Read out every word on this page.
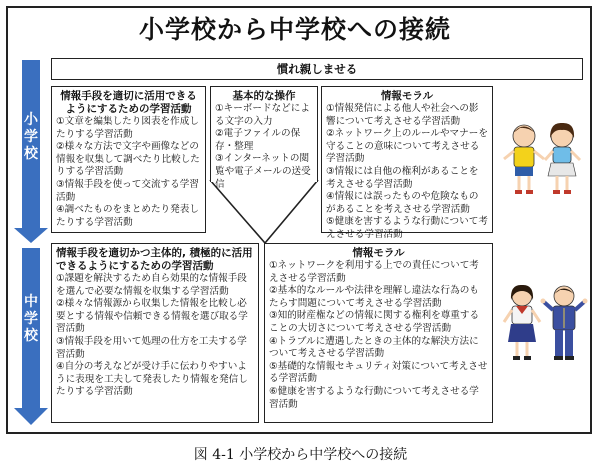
小学校から中学校への接続
小学校
中学校
慣れ親しませる
情報手段を適切に活用できるようにするための学習活動
①文章を編集したり図表を作成したりする学習活動
②様々な方法で文字や画像などの情報を収集して調べたり比較したりする学習活動
③情報手段を使って交流する学習活動
④調べたものをまとめたり発表したりする学習活動
基本的な操作
①キーボードなどによる文字の入力
②電子ファイルの保存・整理
③インターネットの閲覧や電子メールの送受信
情報モラル
①情報発信による他人や社会への影響について考えさせる学習活動
②ネットワーク上のルールやマナーを守ることの意味について考えさせる学習活動
③情報には自他の権利があることを考えさせる学習活動
④情報には誤ったものや危険なものがあることを考えさせる学習活動
⑤健康を害するような行動について考えさせる学習活動
情報手段を適切かつ主体的, 積極的に活用できるようにするための学習活動
①課題を解決するため自ら効果的な情報手段を選んで必要な情報を収集する学習活動
②様々な情報源から収集した情報を比較し必要とする情報や信頼できる情報を選び取る学習活動
③情報手段を用いて処理の仕方を工夫する学習活動
④自分の考えなどが受け手に伝わりやすいように表現を工夫して発表したり情報を発信したりする学習活動
情報モラル
①ネットワークを利用する上での責任について考えさせる学習活動
②基本的なルールや法律を理解し違法な行為のもたらす問題について考えさせる学習活動
③知的財産権などの情報に関する権利を尊重することの大切さについて考えさせる学習活動
④トラブルに遭遇したときの主体的な解決方法について考えさせる学習活動
⑤基礎的な情報セキュリティ対策について考えさせる学習活動
⑥健康を害するような行動について考えさせる学習活動
図 4-1 小学校から中学校への接続
